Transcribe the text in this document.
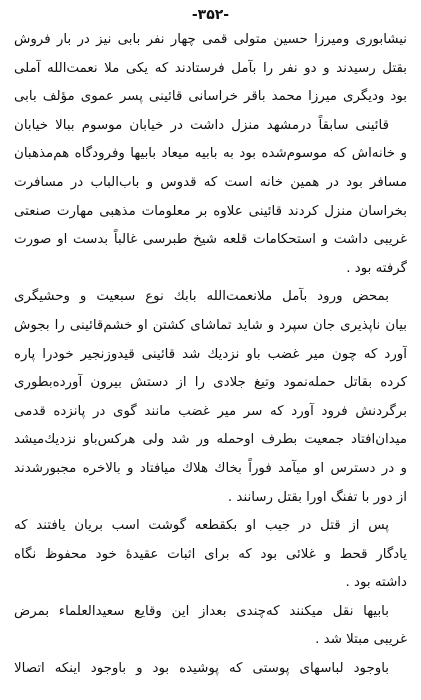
-۳۵۲-
نیشابوری ومیرزا حسین متولی قمی چهار نفر بابی نیز در بار فروش
بقتل رسیدند و دو نفر را بآمل فرستادند که یکی ملا نعمت‌الله آملی
بود ودیگری میرزا محمد باقر خراسانی قائینی پسر عموی مؤلف بابی
قائینی سابقاً درمشهد منزل داشت در خیابان موسوم ببالا خیابان
و خانه‌اش که موسوم‌شده بود به بابیه میعاد بابیها وفرودگاه هم‌مذهبان
مسافر بود در همین خانه است که قدوس و باب‌الباب در مسافرت
بخراسان منزل کردند قائینی علاوه بر معلومات مذهبی مهارت صنعتی
غریبی داشت و استحکامات قلعه شیخ طبرسی غالباً بدست او صورت
گرفته بود .
بمحض ورود بآمل ملانعمت‌الله بابك نوع سبعیت و وحشیگری
بیان ناپذیری جان سپرد و شاید تماشای کشتن او خشم‌قائینی را بجوش
آورد که چون میر غضب باو نزدیك شد قائینی قیدوزنجیر خودرا پاره
کرده بقاتل حمله‌نمود وتیغ جلادی را از دستش بیرون آورده‌بطوری
برگردنش فرود آورد که سر میر غضب مانند گوی در پانزده قدمی
میدان‌افتاد جمعیت بطرف اوحمله ور شد ولی هرکس‌باو نزدیك‌میشد
و در دسترس او میآمد فوراً بخاك هلاك میافتاد و بالاخره مجبورشدند
از دور با تفنگ اورا بقتل رسانند .
پس از قتل در جیب او بکقطعه گوشت اسب بریان یافتند که
یادگار قحط و غلائی بود که برای اثبات عقیدهٔ خود محفوظ نگاه
داشته بود .
بابیها نقل میکنند که‌چندی بعداز این وقایع سعیدالعلماء بمرض
غریبی مبتلا شد .
باوجود لباسهای پوستی که پوشیده بود و باوجود اینکه اتصالا
